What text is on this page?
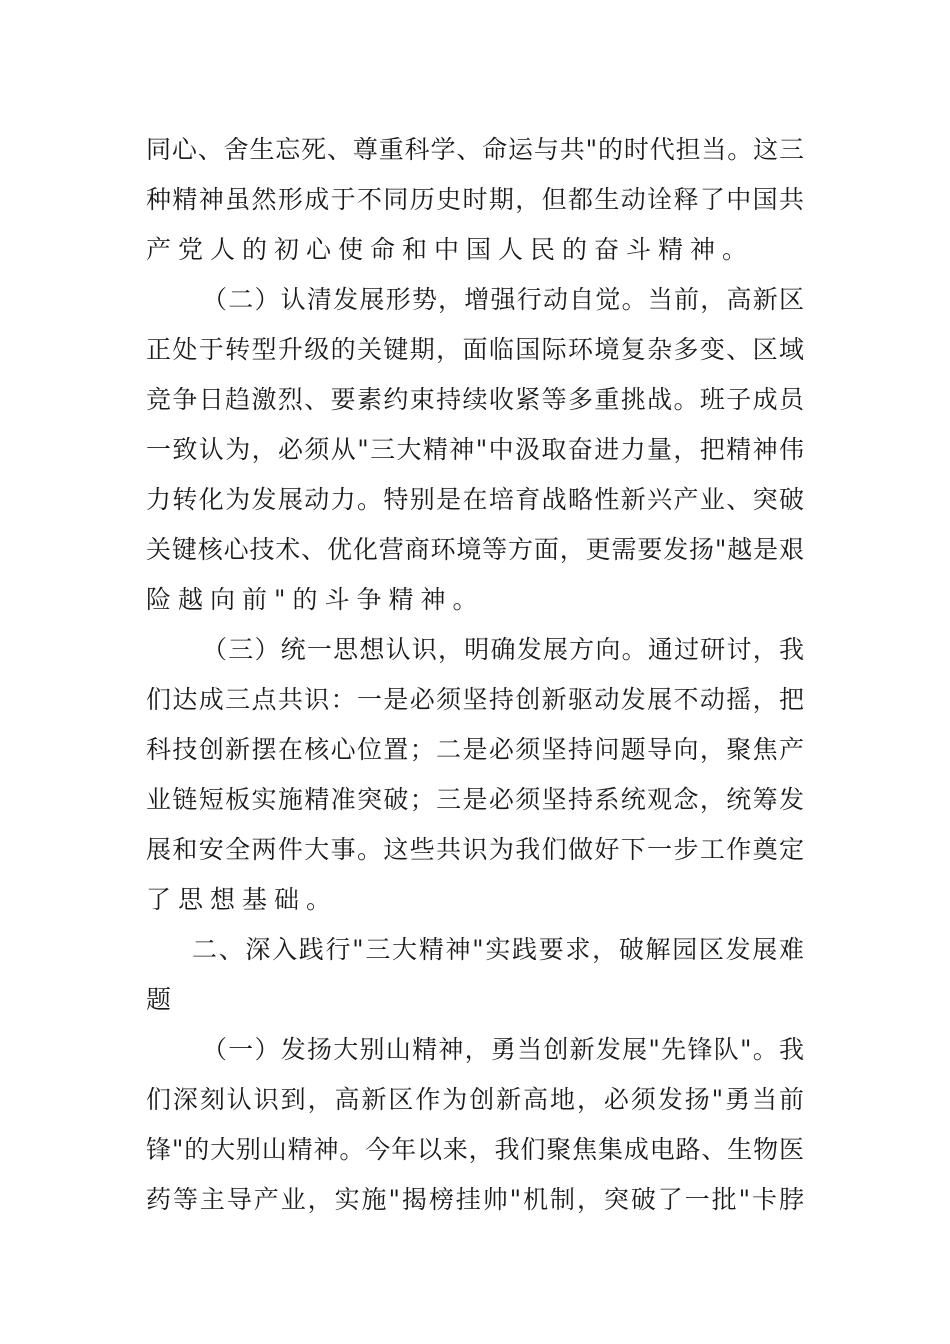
同心、舍生忘死、尊重科学、命运与共"的时代担当。这三
种精神虽然形成于不同历史时期，但都生动诠释了中国共
产党人的初心使命和中国人民的奋斗精神。
（二）认清发展形势，增强行动自觉。当前，高新区
正处于转型升级的关键期，面临国际环境复杂多变、区域
竞争日趋激烈、要素约束持续收紧等多重挑战。班子成员
一致认为，必须从"三大精神"中汲取奋进力量，把精神伟
力转化为发展动力。特别是在培育战略性新兴产业、突破
关键核心技术、优化营商环境等方面，更需要发扬"越是艰
险越向前"的斗争精神。
（三）统一思想认识，明确发展方向。通过研讨，我
们达成三点共识：一是必须坚持创新驱动发展不动摇，把
科技创新摆在核心位置；二是必须坚持问题导向，聚焦产
业链短板实施精准突破；三是必须坚持系统观念，统筹发
展和安全两件大事。这些共识为我们做好下一步工作奠定
了思想基础。
二、深入践行"三大精神"实践要求，破解园区发展难
题
（一）发扬大别山精神，勇当创新发展"先锋队"。我
们深刻认识到，高新区作为创新高地，必须发扬"勇当前
锋"的大别山精神。今年以来，我们聚焦集成电路、生物医
药等主导产业，实施"揭榜挂帅"机制，突破了一批"卡脖
